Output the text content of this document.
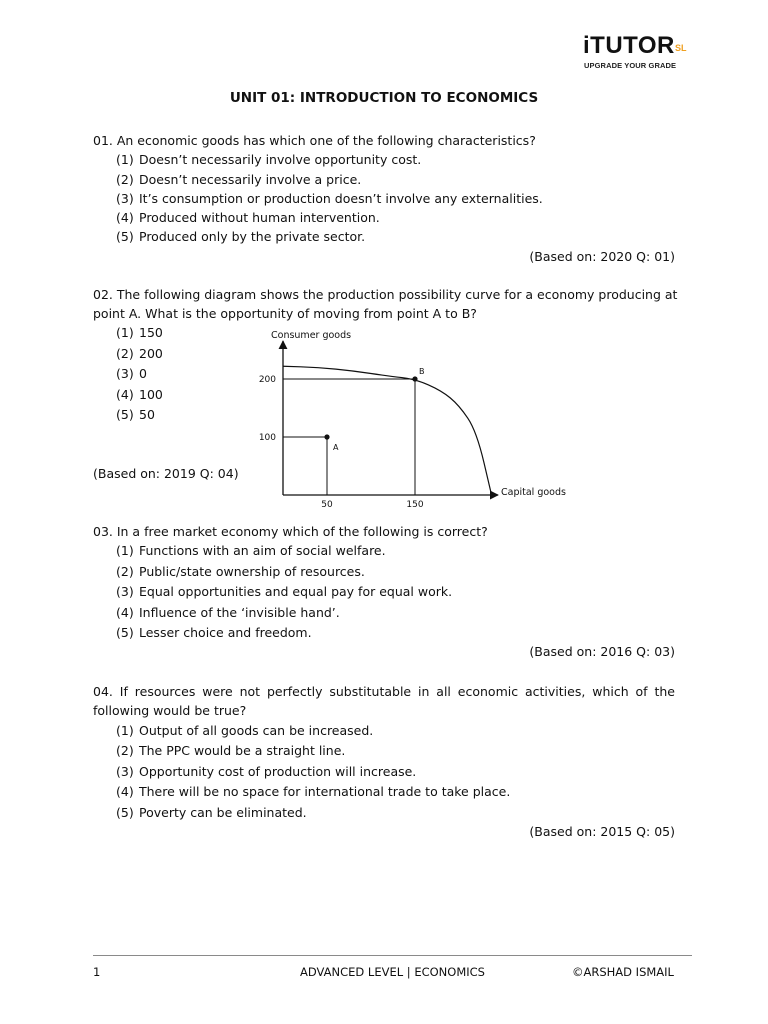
iTUTOR SL
UPGRADE YOUR GRADE
UNIT 01: INTRODUCTION TO ECONOMICS
01. An economic goods has which one of the following characteristics?
(1) Doesn’t necessarily involve opportunity cost.
(2) Doesn’t necessarily involve a price.
(3) It’s consumption or production doesn’t involve any externalities.
(4) Produced without human intervention.
(5) Produced only by the private sector.
(Based on: 2020 Q: 01)
02. The following diagram shows the production possibility curve for a economy producing at
point A. What is the opportunity of moving from point A to B?
(1) 150
(2) 200
(3) 0
(4) 100
(5) 50
(Based on: 2019 Q: 04)
Consumer goods
Capital goods
A
B
100
200
50	150
03. In a free market economy which of the following is correct?
(1) Functions with an aim of social welfare.
(2) Public/state ownership of resources.
(3) Equal opportunities and equal pay for equal work.
(4) Influence of the ‘invisible hand’.
(5) Lesser choice and freedom.
(Based on: 2016 Q: 03)
04. If resources were not perfectly substitutable in all economic activities, which of the
following would be true?
(1) Output of all goods can be increased.
(2) The PPC would be a straight line.
(3) Opportunity cost of production will increase.
(4) There will be no space for international trade to take place.
(5) Poverty can be eliminated.
(Based on: 2015 Q: 05)
1	ADVANCED LEVEL | ECONOMICS	©ARSHAD ISMAIL
